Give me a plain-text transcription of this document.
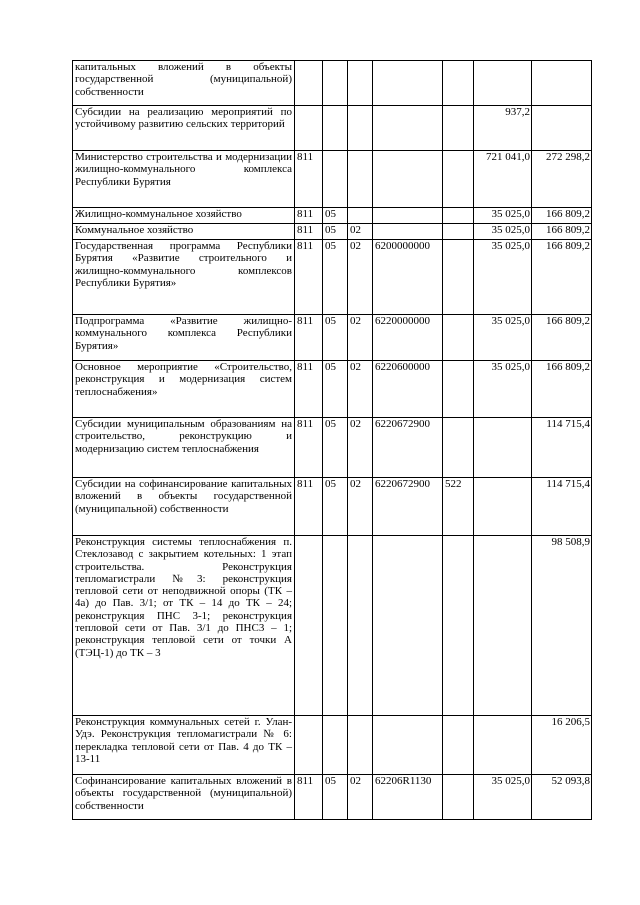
капитальных вложений в объекты государственной (муниципальной) собственности							
Субсидии на реализацию мероприятий по устойчивому развитию сельских территорий						937,2	
Министерство строительства и модернизации жилищно-коммунального комплекса Республики Бурятия	811					721 041,0	272 298,2
Жилищно-коммунальное хозяйство	811	05				35 025,0	166 809,2
Коммунальное хозяйство	811	05	02			35 025,0	166 809,2
Государственная программа Республики Бурятия «Развитие строительного и жилищно-коммунального комплексов Республики Бурятия»	811	05	02	6200000000		35 025,0	166 809,2
Подпрограмма «Развитие жилищно-коммунального комплекса Республики Бурятия»	811	05	02	6220000000		35 025,0	166 809,2
Основное мероприятие «Строительство, реконструкция и модернизация систем теплоснабжения»	811	05	02	6220600000		35 025,0	166 809,2
Субсидии муниципальным образованиям на строительство, реконструкцию и модернизацию систем теплоснабжения	811	05	02	6220672900			114 715,4
Субсидии на софинансирование капитальных вложений в объекты государственной (муниципальной) собственности	811	05	02	6220672900	522		114 715,4
Реконструкция системы теплоснабжения п. Стеклозавод с закрытием котельных: 1 этап строительства. Реконструкция тепломагистрали №3: реконструкция тепловой сети от неподвижной опоры (ТК – 4а) до Пав. 3/1; от ТК – 14 до ТК – 24; реконструкция ПНС 3-1; реконструкция тепловой сети от Пав. 3/1 до ПНС3 – 1; реконструкция тепловой сети от точки А (ТЭЦ-1) до ТК – 3							98 508,9
Реконструкция коммунальных сетей г. Улан-Удэ. Реконструкция тепломагистрали № 6: перекладка тепловой сети от Пав. 4 до ТК – 13-11							16 206,5
Софинансирование капитальных вложений в объекты государственной (муниципальной) собственности	811	05	02	62206R1130		35 025,0	52 093,8
